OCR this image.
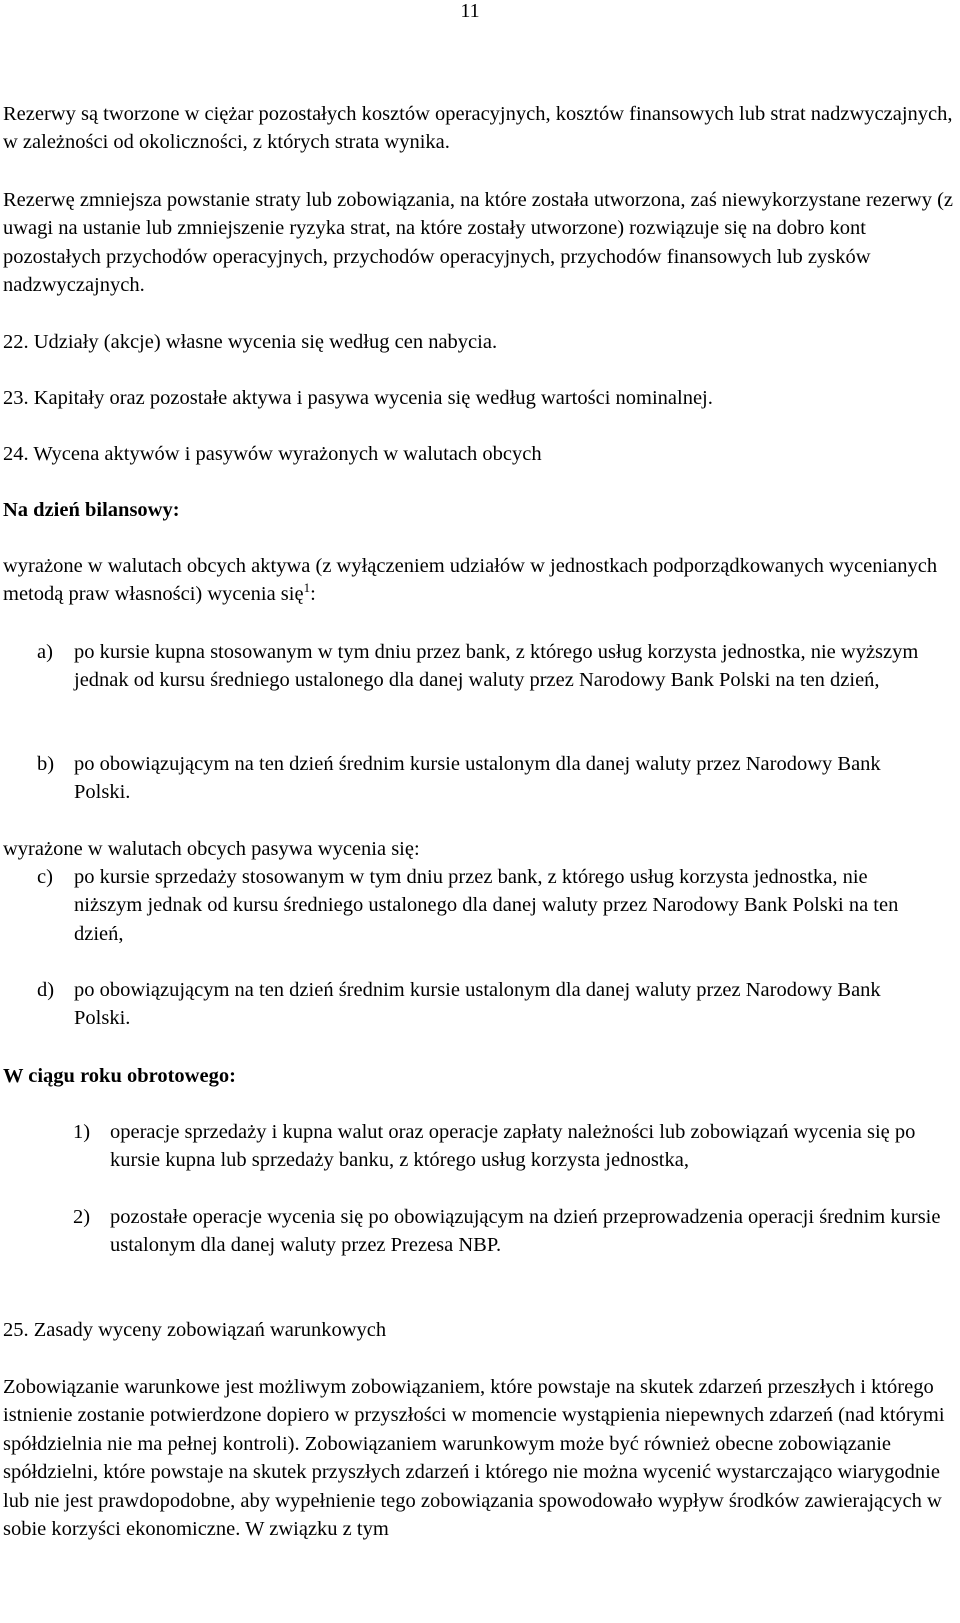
11

Rezerwy są tworzone w ciężar pozostałych kosztów operacyjnych, kosztów finansowych lub strat nadzwyczajnych, w zależności od okoliczności, z których strata wynika.

Rezerwę zmniejsza powstanie straty lub zobowiązania, na które została utworzona, zaś niewykorzystane rezerwy (z uwagi na ustanie lub zmniejszenie ryzyka strat, na które zostały utworzone) rozwiązuje się na dobro kont pozostałych przychodów operacyjnych, przychodów operacyjnych, przychodów finansowych lub zysków nadzwyczajnych.

22. Udziały (akcje) własne wycenia się według cen nabycia.

23. Kapitały oraz pozostałe aktywa i pasywa wycenia się według wartości nominalnej.

24. Wycena aktywów i pasywów wyrażonych w walutach obcych

Na dzień bilansowy:

wyrażone w walutach obcych aktywa (z wyłączeniem udziałów w jednostkach podporządkowanych wycenianych metodą praw własności) wycenia się$^1$:

a) po kursie kupna stosowanym w tym dniu przez bank, z którego usług korzysta jednostka, nie wyższym jednak od kursu średniego ustalonego dla danej waluty przez Narodowy Bank Polski na ten dzień,
b) po obowiązującym na ten dzień średnim kursie ustalonym dla danej waluty przez Narodowy Bank Polski.

wyrażone w walutach obcych pasywa wycenia się:

c) po kursie sprzedaży stosowanym w tym dniu przez bank, z którego usług korzysta jednostka, nie niższym jednak od kursu średniego ustalonego dla danej waluty przez Narodowy Bank Polski na ten dzień,
d) po obowiązującym na ten dzień średnim kursie ustalonym dla danej waluty przez Narodowy Bank Polski.

W ciągu roku obrotowego:

1) operacje sprzedaży i kupna walut oraz operacje zapłaty należności lub zobowiązań wycenia się po kursie kupna lub sprzedaży banku, z którego usług korzysta jednostka,
2) pozostałe operacje wycenia się po obowiązującym na dzień przeprowadzenia operacji średnim kursie ustalonym dla danej waluty przez Prezesa NBP.

25. Zasady wyceny zobowiązań warunkowych

Zobowiązanie warunkowe jest możliwym zobowiązaniem, które powstaje na skutek zdarzeń przeszłych i którego istnienie zostanie potwierdzone dopiero w przyszłości w momencie wystąpienia niepewnych zdarzeń (nad którymi spółdzielnia nie ma pełnej kontroli). Zobowiązaniem warunkowym może być również obecne zobowiązanie spółdzielni, które powstaje na skutek przyszłych zdarzeń i którego nie można wycenić wystarczająco wiarygodnie lub nie jest prawdopodobne, aby wypełnienie tego zobowiązania spowodowało wypływ środków zawierających w sobie korzyści ekonomiczne. W związku z tym
